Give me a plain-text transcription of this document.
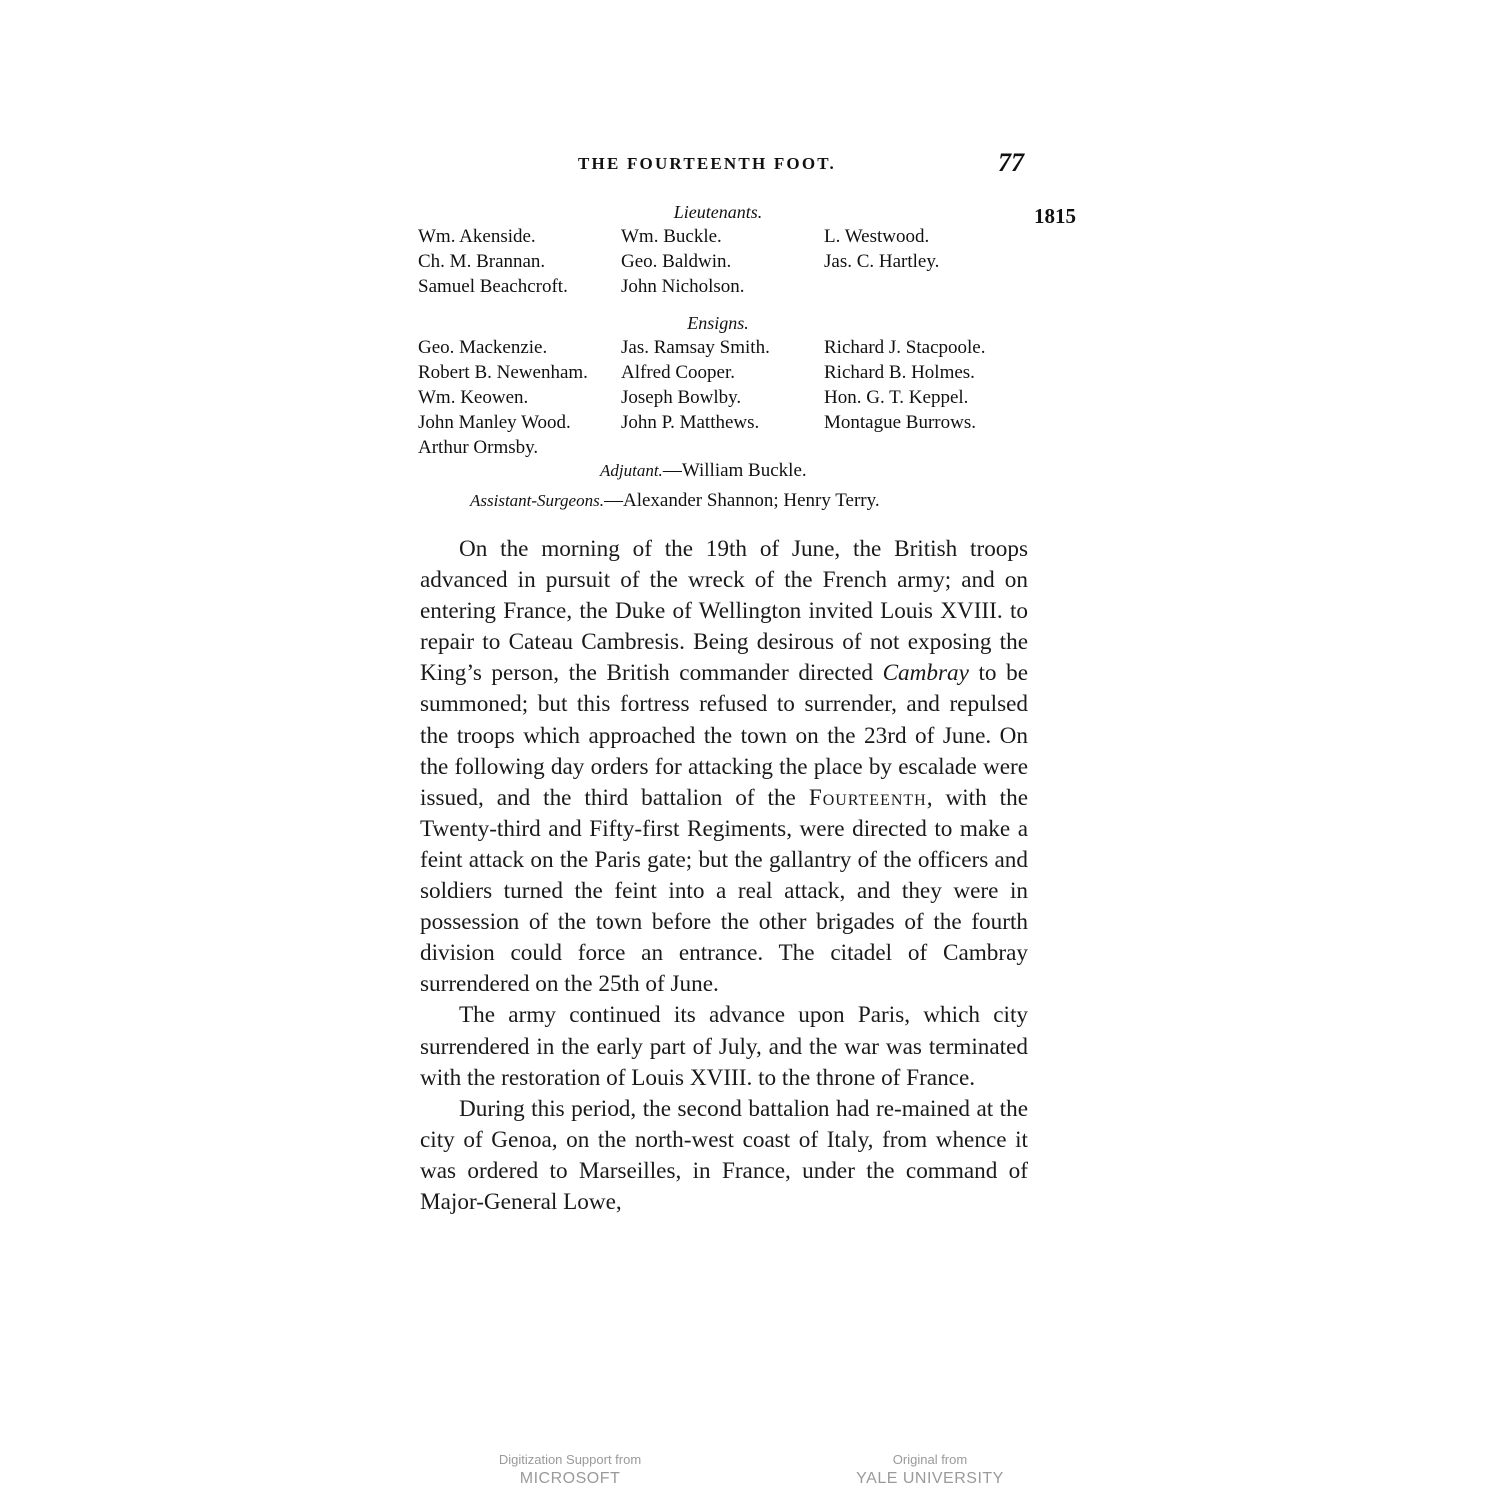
THE FOURTEENTH FOOT.	77
1815
Lieutenants.
Wm. Akenside.	Wm. Buckle.	L. Westwood.
Ch. M. Brannan.	Geo. Baldwin.	Jas. C. Hartley.
Samuel Beachcroft.	John Nicholson.
Ensigns.
Geo. Mackenzie.	Jas. Ramsay Smith.	Richard J. Stacpoole.
Robert B. Newenham.	Alfred Cooper.	Richard B. Holmes.
Wm. Keowen.	Joseph Bowlby.	Hon. G. T. Keppel.
John Manley Wood.	John P. Matthews.	Montague Burrows.
Arthur Ormsby.
Adjutant.—William Buckle.
Assistant-Surgeons.—Alexander Shannon; Henry Terry.

On the morning of the 19th of June, the British troops advanced in pursuit of the wreck of the French army; and on entering France, the Duke of Wellington invited Louis XVIII. to repair to Cateau Cambresis. Being desirous of not exposing the King’s person, the British commander directed Cambray to be summoned; but this fortress refused to surrender, and repulsed the troops which approached the town on the 23rd of June. On the following day orders for attacking the place by escalade were issued, and the third battalion of the Fourteenth, with the Twenty-third and Fifty-first Regiments, were directed to make a feint attack on the Paris gate; but the gallantry of the officers and soldiers turned the feint into a real attack, and they were in possession of the town before the other brigades of the fourth division could force an entrance. The citadel of Cambray surrendered on the 25th of June.

The army continued its advance upon Paris, which city surrendered in the early part of July, and the war was terminated with the restoration of Louis XVIII. to the throne of France.

During this period, the second battalion had re-mained at the city of Genoa, on the north-west coast of Italy, from whence it was ordered to Marseilles, in France, under the command of Major-General Lowe,

Digitization Support from
MICROSOFT
Original from
YALE UNIVERSITY
